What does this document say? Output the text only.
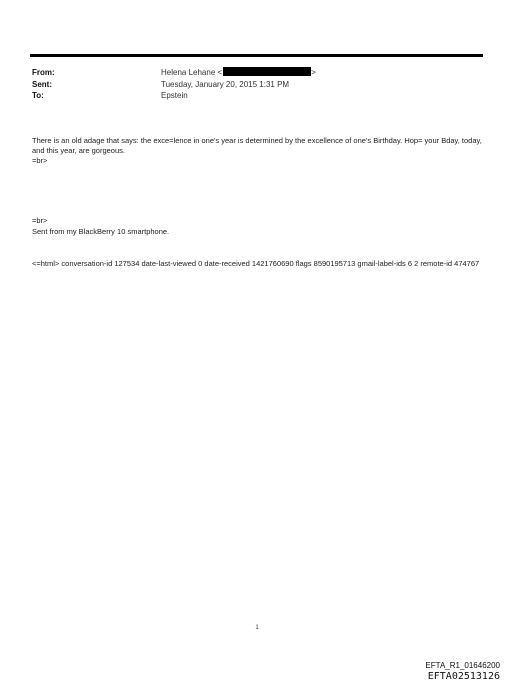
From:	Helena Lehane <	>
Sent:	Tuesday, January 20, 2015 1:31 PM
To:	Epstein
There is an old adage that says: the exce=lence in one's year is determined by the excellence of one's Birthday. Hop= your Bday, today, and this year, are gorgeous.
=br>
=br>
Sent from my BlackBerry 10 smartphone.
<=html> conversation-id 127534 date-last-viewed 0 date-received 1421760690 flags 8590195713 gmail-label-ids 6 2 remote-id 474767
1
EFTA_R1_01646200
EFTA02513126
